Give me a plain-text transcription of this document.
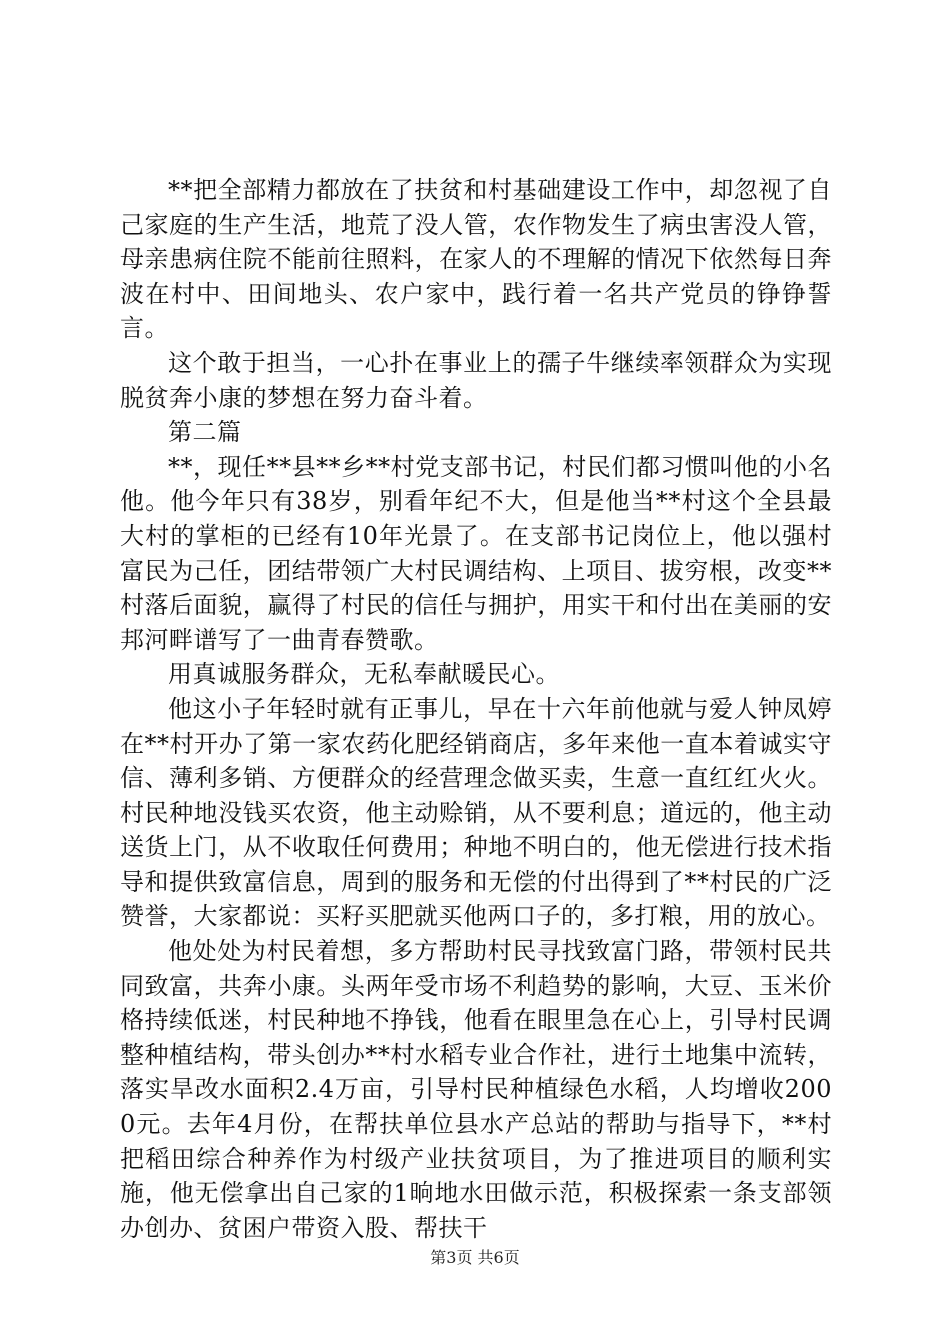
**把全部精力都放在了扶贫和村基础建设工作中，却忽视了自己家庭的生产生活，地荒了没人管，农作物发生了病虫害没人管，母亲患病住院不能前往照料，在家人的不理解的情况下依然每日奔波在村中、田间地头、农户家中，践行着一名共产党员的铮铮誓言。

这个敢于担当，一心扑在事业上的孺子牛继续率领群众为实现脱贫奔小康的梦想在努力奋斗着。

第二篇

**，现任**县**乡**村党支部书记，村民们都习惯叫他的小名他。他今年只有38岁，别看年纪不大，但是他当**村这个全县最大村的掌柜的已经有10年光景了。在支部书记岗位上，他以强村富民为己任，团结带领广大村民调结构、上项目、拔穷根，改变**村落后面貌，赢得了村民的信任与拥护，用实干和付出在美丽的安邦河畔谱写了一曲青春赞歌。

用真诚服务群众，无私奉献暖民心。

他这小子年轻时就有正事儿，早在十六年前他就与爱人钟凤婷在**村开办了第一家农药化肥经销商店，多年来他一直本着诚实守信、薄利多销、方便群众的经营理念做买卖，生意一直红红火火。村民种地没钱买农资，他主动赊销，从不要利息；道远的，他主动送货上门，从不收取任何费用；种地不明白的，他无偿进行技术指导和提供致富信息，周到的服务和无偿的付出得到了**村民的广泛赞誉，大家都说：买籽买肥就买他两口子的，多打粮，用的放心。

他处处为村民着想，多方帮助村民寻找致富门路，带领村民共同致富，共奔小康。头两年受市场不利趋势的影响，大豆、玉米价格持续低迷，村民种地不挣钱，他看在眼里急在心上，引导村民调整种植结构，带头创办**村水稻专业合作社，进行土地集中流转，落实旱改水面积2.4万亩，引导村民种植绿色水稻，人均增收2000元。去年4月份，在帮扶单位县水产总站的帮助与指导下，**村把稻田综合种养作为村级产业扶贫项目，为了推进项目的顺利实施，他无偿拿出自己家的1晌地水田做示范，积极探索一条支部领办创办、贫困户带资入股、帮扶干

第3页 共6页
